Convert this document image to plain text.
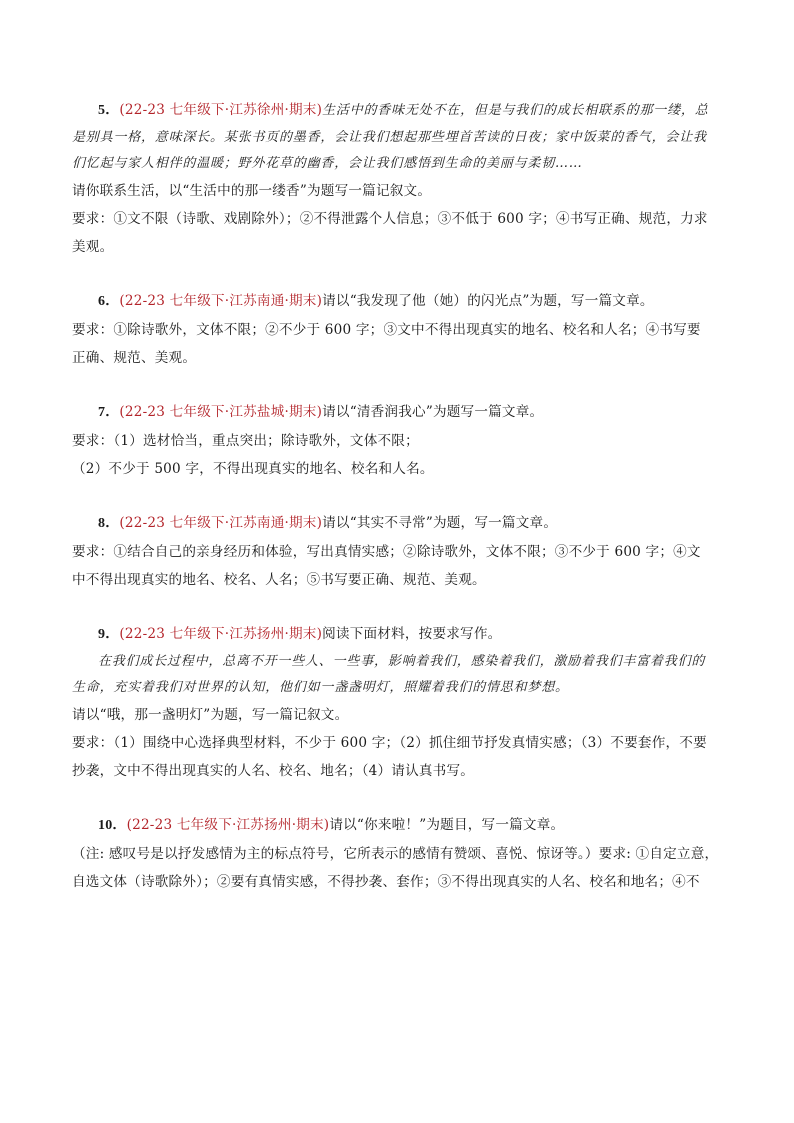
5．(22-23 七年级下·江苏徐州·期末)生活中的香味无处不在，但是与我们的成长相联系的那一缕，总
是别具一格，意味深长。某张书页的墨香，会让我们想起那些埋首苦读的日夜；家中饭菜的香气，会让我
们忆起与家人相伴的温暖；野外花草的幽香，会让我们感悟到生命的美丽与柔韧……
请你联系生活，以“生活中的那一缕香”为题写一篇记叙文。
要求：①文不限（诗歌、戏剧除外）；②不得泄露个人信息；③不低于 600 字；④书写正确、规范，力求
美观。
6．(22-23 七年级下·江苏南通·期末)请以“我发现了他（她）的闪光点”为题，写一篇文章。
要求：①除诗歌外，文体不限；②不少于 600 字；③文中不得出现真实的地名、校名和人名；④书写要
正确、规范、美观。
7．(22-23 七年级下·江苏盐城·期末)请以“清香润我心”为题写一篇文章。
要求：（1）选材恰当，重点突出；除诗歌外，文体不限；
（2）不少于 500 字，不得出现真实的地名、校名和人名。
8．(22-23 七年级下·江苏南通·期末)请以“其实不寻常”为题，写一篇文章。
要求：①结合自己的亲身经历和体验，写出真情实感；②除诗歌外，文体不限；③不少于 600 字；④文
中不得出现真实的地名、校名、人名；⑤书写要正确、规范、美观。
9．(22-23 七年级下·江苏扬州·期末)阅读下面材料，按要求写作。
在我们成长过程中，总离不开一些人、一些事，影响着我们，感染着我们，激励着我们丰富着我们的
生命，充实着我们对世界的认知，他们如一盏盏明灯，照耀着我们的情思和梦想。
请以“哦，那一盏明灯”为题，写一篇记叙文。
要求：（1）围绕中心选择典型材料，不少于 600 字；（2）抓住细节抒发真情实感；（3）不要套作，不要
抄袭，文中不得出现真实的人名、校名、地名；（4）请认真书写。
10．(22-23 七年级下·江苏扬州·期末)请以“你来啦！”为题目，写一篇文章。
（注: 感叹号是以抒发感情为主的标点符号，它所表示的感情有赞颂、喜悦、惊讶等。）要求: ①自定立意，
自选文体（诗歌除外）；②要有真情实感，不得抄袭、套作；③不得出现真实的人名、校名和地名；④不
